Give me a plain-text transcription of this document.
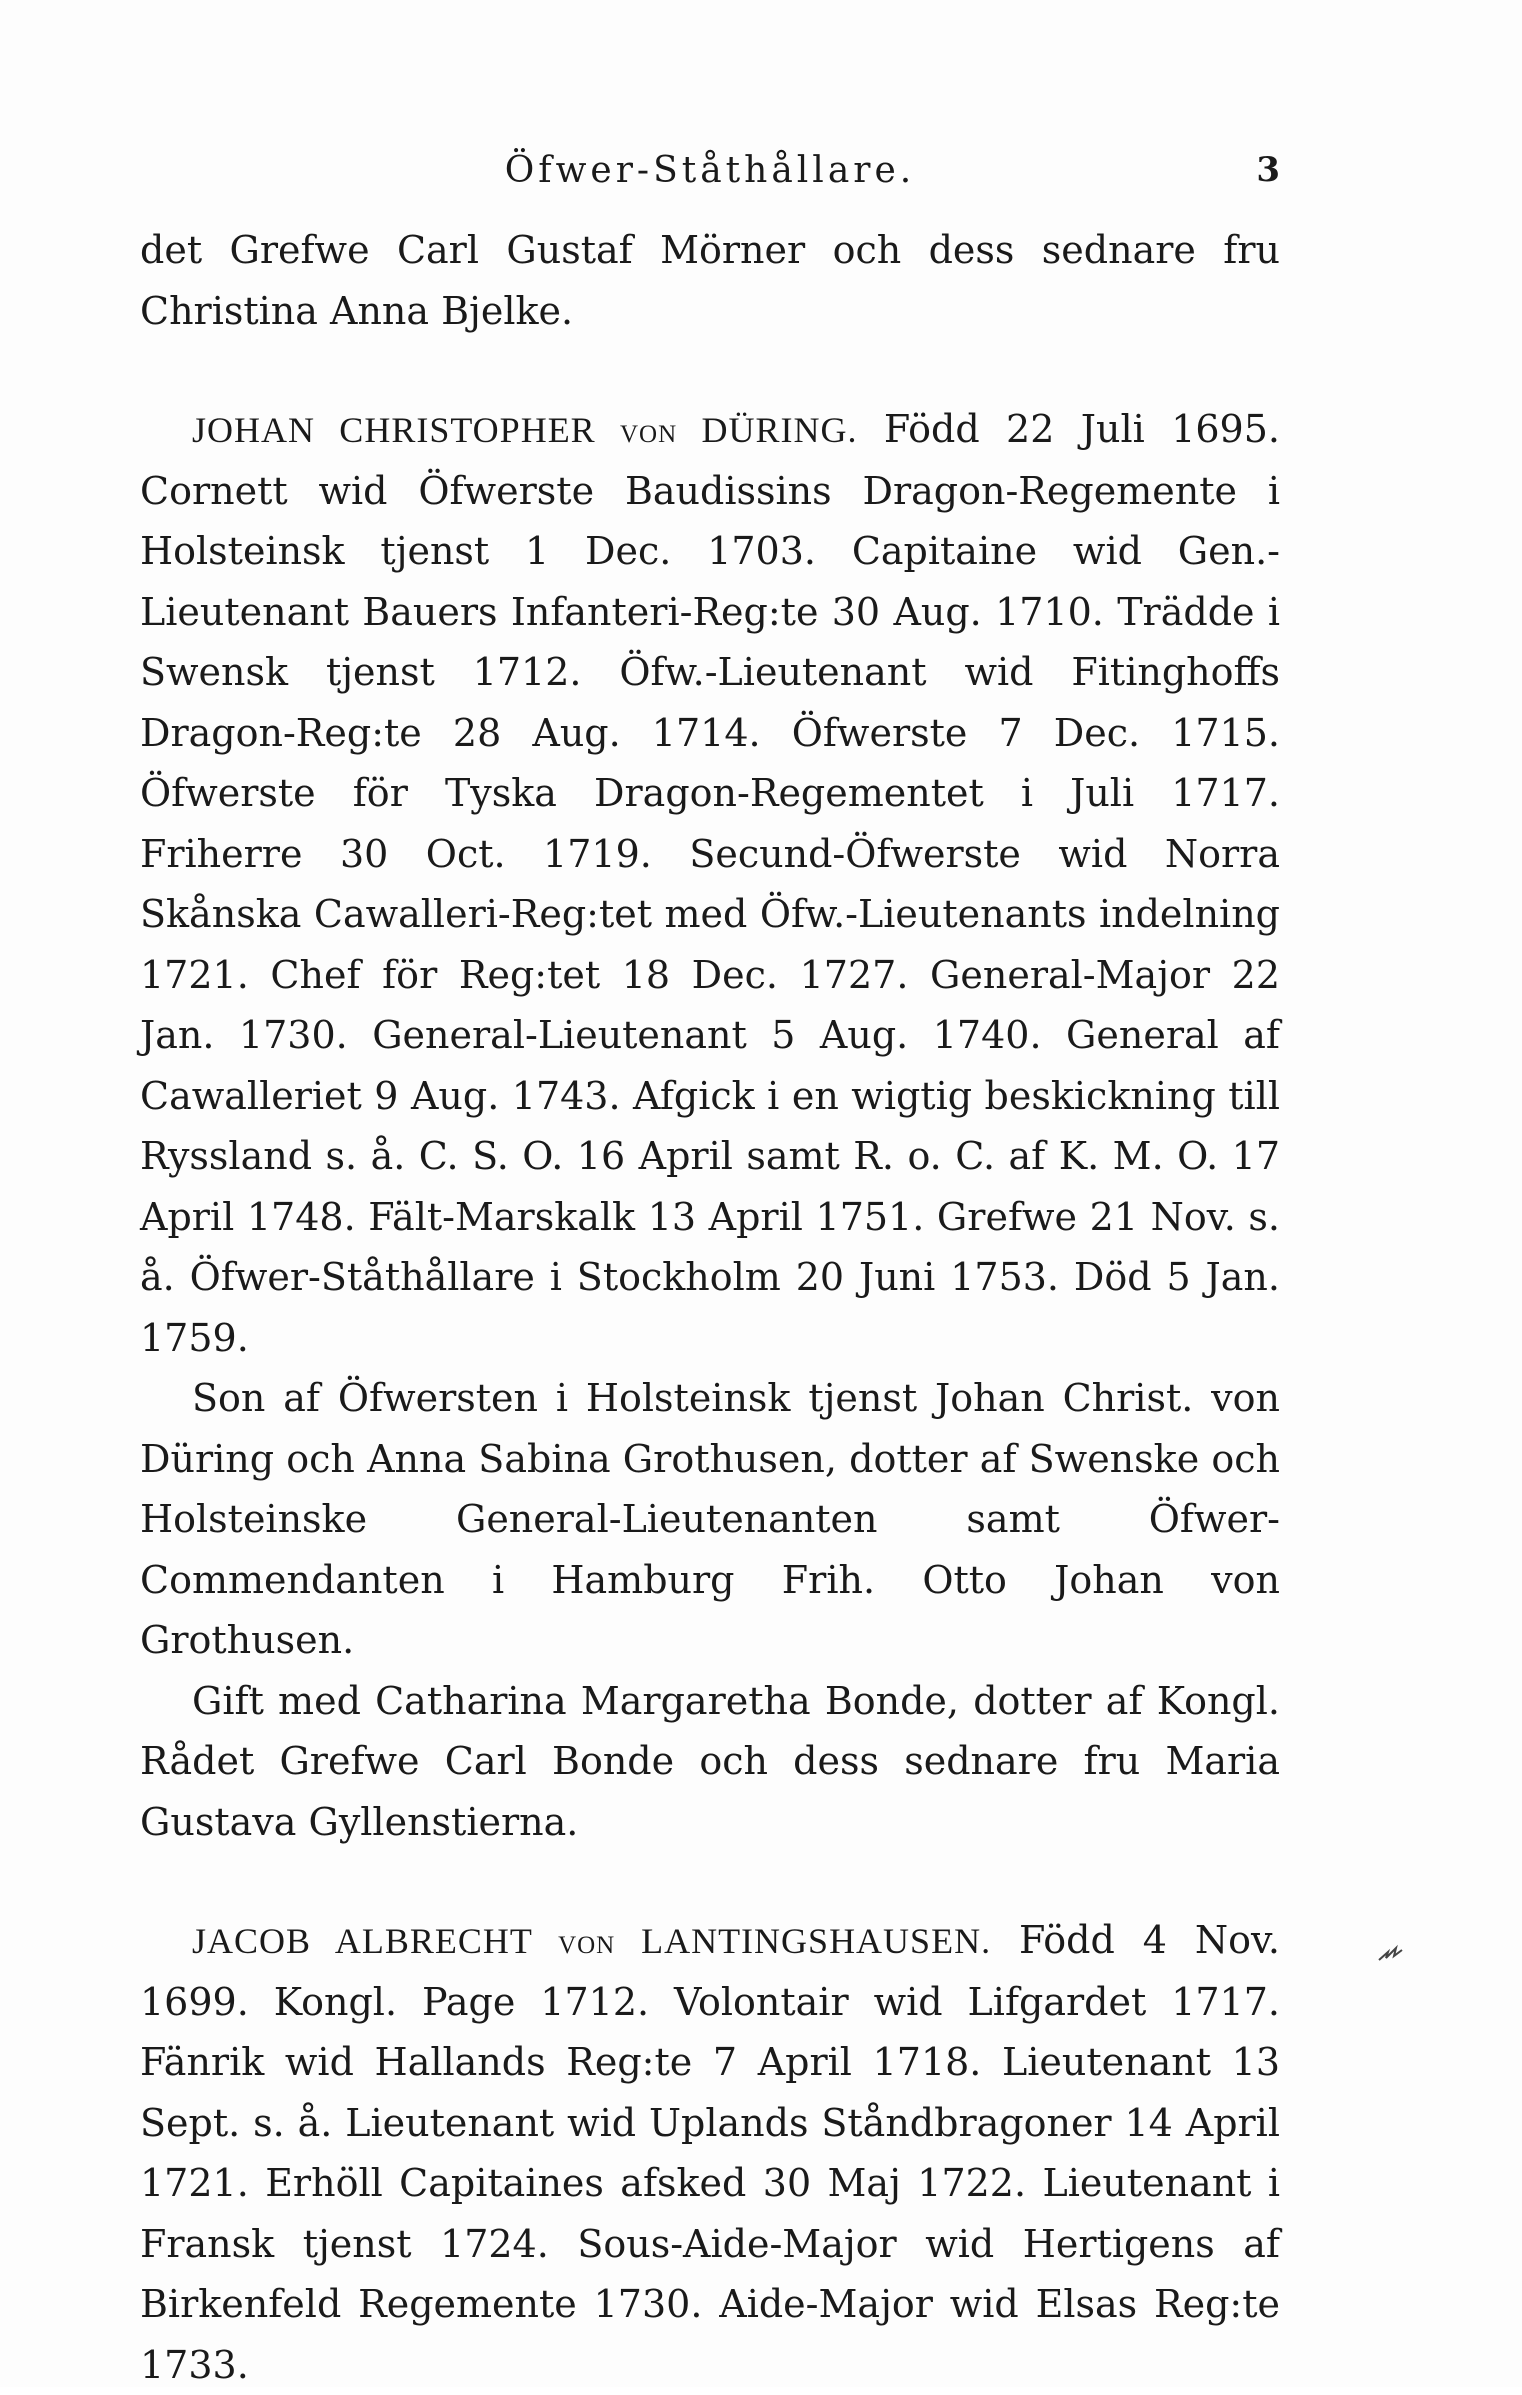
Öfwer-Ståthållare.	3

det Grefwe Carl Gustaf Mörner och dess sednare fru Christina Anna Bjelke.

JOHAN CHRISTOPHER von DÜRING. Född 22 Juli 1695. Cornett wid Öfwerste Baudissins Dragon-Regemente i Holsteinsk tjenst 1 Dec. 1703. Capitaine wid Gen.-Lieutenant Bauers Infanteri-Reg:te 30 Aug. 1710. Trädde i Swensk tjenst 1712. Öfw.-Lieutenant wid Fitinghoffs Dragon-Reg:te 28 Aug. 1714. Öfwerste 7 Dec. 1715. Öfwerste för Tyska Dragon-Regementet i Juli 1717. Friherre 30 Oct. 1719. Secund-Öfwerste wid Norra Skånska Cawalleri-Reg:tet med Öfw.-Lieutenants indelning 1721. Chef för Reg:tet 18 Dec. 1727. General-Major 22 Jan. 1730. General-Lieutenant 5 Aug. 1740. General af Cawalleriet 9 Aug. 1743. Afgick i en wigtig beskickning till Ryssland s. å. C. S. O. 16 April samt R. o. C. af K. M. O. 17 April 1748. Fält-Marskalk 13 April 1751. Grefwe 21 Nov. s. å. Öfwer-Ståthållare i Stockholm 20 Juni 1753. Död 5 Jan. 1759.

Son af Öfwersten i Holsteinsk tjenst Johan Christ. von Düring och Anna Sabina Grothusen, dotter af Swenske och Holsteinske General-Lieutenanten samt Öfwer-Commendanten i Hamburg Frih. Otto Johan von Grothusen.

Gift med Catharina Margaretha Bonde, dotter af Kongl. Rådet Grefwe Carl Bonde och dess sednare fru Maria Gustava Gyllenstierna.

JACOB ALBRECHT von LANTINGSHAUSEN. Född 4 Nov. 1699. Kongl. Page 1712. Volontair wid Lifgardet 1717. Fänrik wid Hallands Reg:te 7 April 1718. Lieutenant 13 Sept. s. å. Lieutenant wid Uplands Ståndbragoner 14 April 1721. Erhöll Capitaines afsked 30 Maj 1722. Lieutenant i Fransk tjenst 1724. Sous-Aide-Major wid Hertigens af Birkenfeld Regemente 1730. Aide-Major wid Elsas Reg:te 1733.
